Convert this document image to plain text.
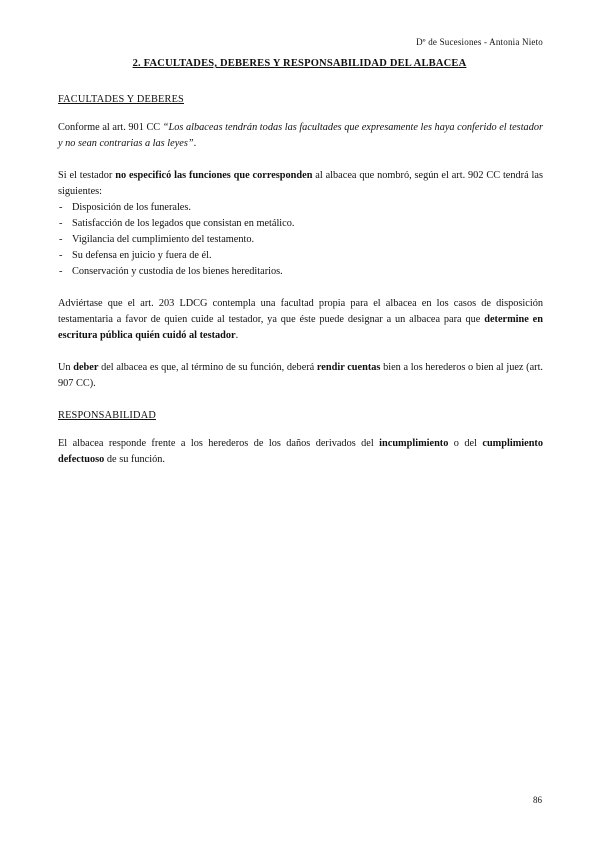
Dº de Sucesiones - Antonia Nieto
2. FACULTADES, DEBERES Y RESPONSABILIDAD DEL ALBACEA
FACULTADES Y DEBERES

Conforme al art. 901 CC “Los albaceas tendrán todas las facultades que expresamente les haya conferido el testador y no sean contrarias a las leyes”.

Si el testador no especificó las funciones que corresponden al albacea que nombró, según el art. 902 CC tendrá las siguientes:

- Disposición de los funerales.
- Satisfacción de los legados que consistan en metálico.
- Vigilancia del cumplimiento del testamento.
- Su defensa en juicio y fuera de él.
- Conservación y custodia de los bienes hereditarios.

Adviértase que el art. 203 LDCG contempla una facultad propia para el albacea en los casos de disposición testamentaria a favor de quien cuide al testador, ya que éste puede designar a un albacea para que determine en escritura pública quién cuidó al testador.

Un deber del albacea es que, al término de su función, deberá rendir cuentas bien a los herederos o bien al juez (art. 907 CC).

RESPONSABILIDAD

El albacea responde frente a los herederos de los daños derivados del incumplimiento o del cumplimiento defectuoso de su función.

86
